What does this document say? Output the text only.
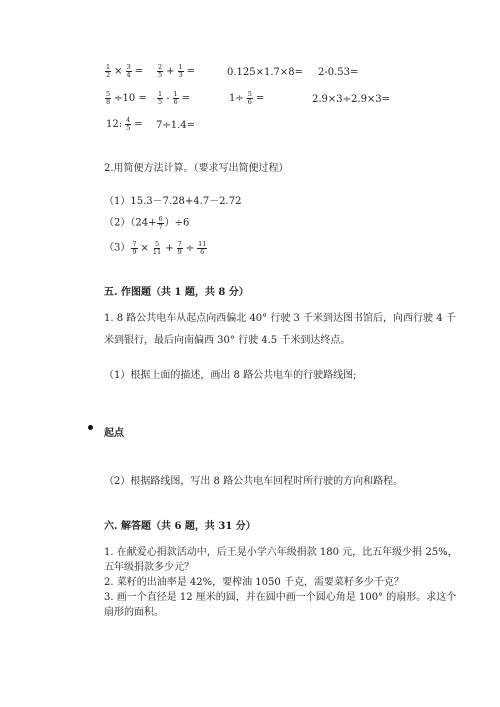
$\frac{1}{2} \times \frac{3}{4}$ =	$\frac{2}{5} + \frac{1}{3}$ =	0.125×1.7×8= 2-0.53=
$\frac{5}{8} \div 10$ =	$\frac{1}{5} - \frac{1}{6}$ =	$1\div \frac{5}{6}$ =	2.9×3÷2.9×3=
12: $\frac{4}{5} = 7\div 1.4=$
2.用简便方法计算。（要求写出简便过程）
（1）15.3－7.28+4.7－2.72
$(2)(24+ \frac{6}{7} )\div 6$
$(3) \frac{7}{9} \times \frac{5}{11} + \frac{7}{9} \div \frac{11}{6}$
五. 作图题（共 1 题，共 8 分）
1. 8 路公共电车从起点向西偏北 40° 行驶 3 千米到达图书馆后，向西行驶 4 千
米到银行，最后向南偏西 30° 行驶 4.5 千米到达终点。
（1）根据上面的描述，画出 8 路公共电车的行驶路线图;
起点
（2）根据路线图，写出 8 路公共电车回程时所行驶的方向和路程。
六. 解答题（共 6 题，共 31 分）
1. 在献爱心捐款活动中，后王晃小学六年级捐款 180 元，比五年级少捐 25%，
五年级捐款多少元？
2. 菜籽的出油率是 42%，要榨油 1050 千克，需要菜籽多少千克？
3. 画一个直径是 12 厘米的圆，并在圆中画一个圆心角是 100° 的扇形。求这个
扇形的面积。
